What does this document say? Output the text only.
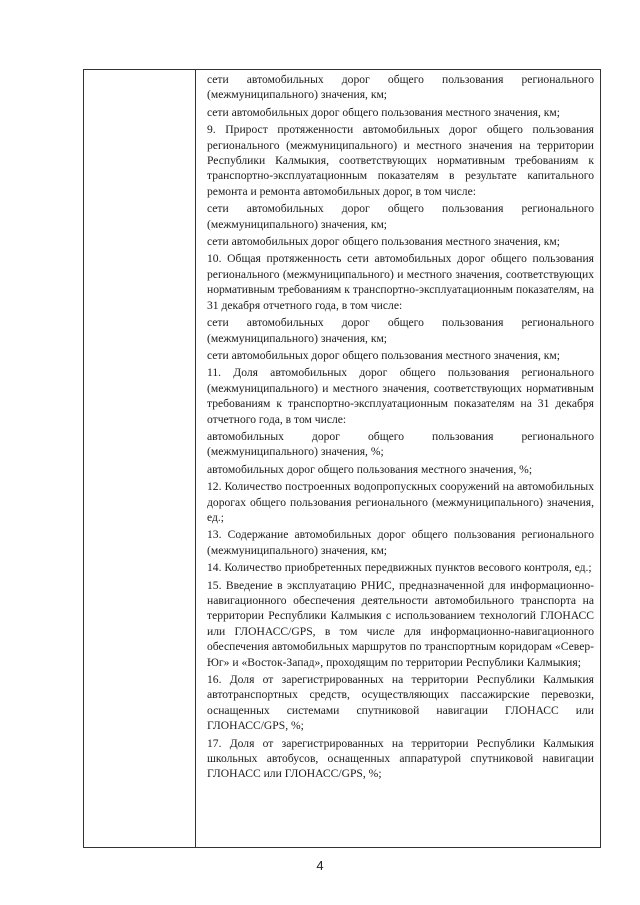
сети автомобильных дорог общего пользования регионального (межмуниципального) значения, км;

сети автомобильных дорог общего пользования местного значения, км;

9. Прирост протяженности автомобильных дорог общего пользования регионального (межмуниципального) и местного значения на территории Республики Калмыкия, соответствующих нормативным требованиям к транспортно-эксплуатационным показателям в результате капитального ремонта и ремонта автомобильных дорог, в том числе:

сети автомобильных дорог общего пользования регионального (межмуниципального) значения, км;

сети автомобильных дорог общего пользования местного значения, км;

10. Общая протяженность сети автомобильных дорог общего пользования регионального (межмуниципального) и местного значения, соответствующих нормативным требованиям к транспортно-эксплуатационным показателям, на 31 декабря отчетного года, в том числе:

сети автомобильных дорог общего пользования регионального (межмуниципального) значения, км;

сети автомобильных дорог общего пользования местного значения, км;

11. Доля автомобильных дорог общего пользования регионального (межмуниципального) и местного значения, соответствующих нормативным требованиям к транспортно-эксплуатационным показателям на 31 декабря отчетного года, в том числе:

автомобильных дорог общего пользования регионального (межмуниципального) значения, %;

автомобильных дорог общего пользования местного значения, %;

12. Количество построенных водопропускных сооружений на автомобильных дорогах общего пользования регионального (межмуниципального) значения, ед.;

13. Содержание автомобильных дорог общего пользования регионального (межмуниципального) значения, км;

14. Количество приобретенных передвижных пунктов весового контроля, ед.;

15. Введение в эксплуатацию РНИС, предназначенной для информационно-навигационного обеспечения деятельности автомобильного транспорта на территории Республики Калмыкия с использованием технологий ГЛОНАСС или ГЛОНАСС/GPS, в том числе для информационно-навигационного обеспечения автомобильных маршрутов по транспортным коридорам «Север-Юг» и «Восток-Запад», проходящим по территории Республики Калмыкия;

16. Доля от зарегистрированных на территории Республики Калмыкия автотранспортных средств, осуществляющих пассажирские перевозки, оснащенных системами спутниковой навигации ГЛОНАСС или ГЛОНАСС/GPS, %;

17. Доля от зарегистрированных на территории Республики Калмыкия школьных автобусов, оснащенных аппаратурой спутниковой навигации ГЛОНАСС или ГЛОНАСС/GPS, %;

4
